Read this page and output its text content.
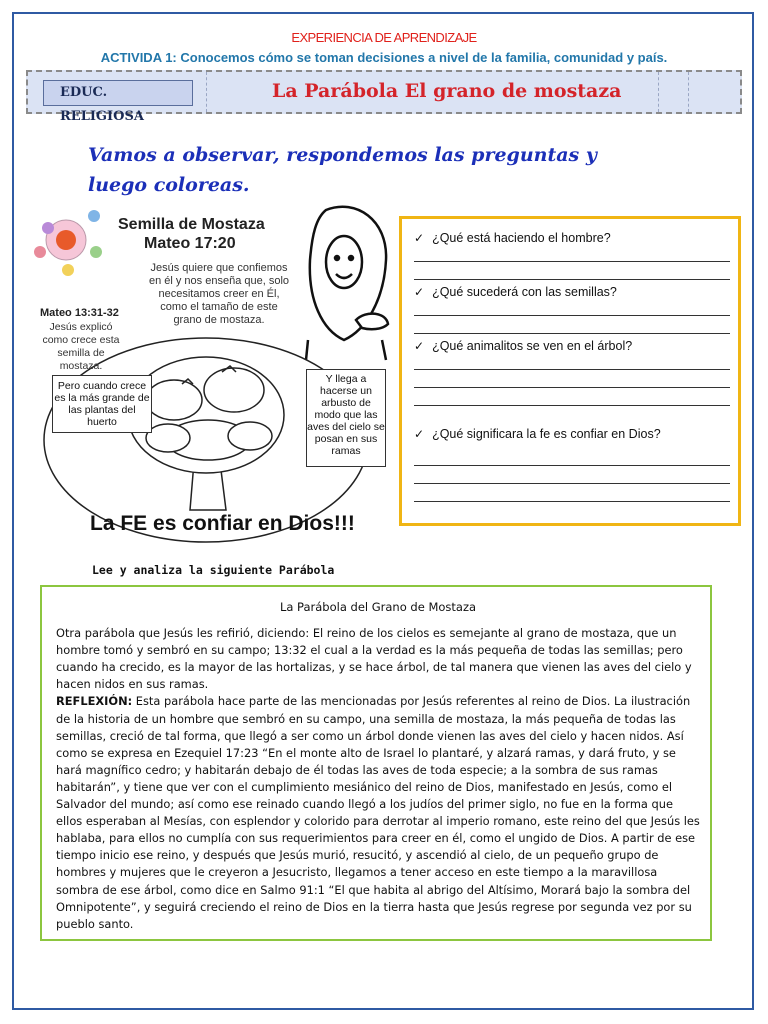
EXPERIENCIA DE APRENDIZAJE
ACTIVIDA 1: Conocemos cómo se toman decisiones a nivel de la familia, comunidad y país.
EDUC. RELIGIOSA
La Parábola El grano de mostaza
Vamos a observar, respondemos las preguntas y luego coloreas.
Semilla de Mostaza
Mateo 17:20
Jesús quiere que confiemos en él y nos enseña que, solo necesitamos creer en Él, como el tamaño de este grano de mostaza.
Mateo 13:31-32
Jesús explicó como crece esta semilla de mostaza.
Pero cuando crece es la más grande de las plantas del huerto
Y llega a hacerse un arbusto de modo que las aves del cielo se posan en sus ramas
La FE es confiar en Dios!!!
✓ ¿Qué está haciendo el hombre?
✓ ¿Qué sucederá con las semillas?
✓ ¿Qué animalitos se ven en el árbol?
✓ ¿Qué significara la fe es confiar en Dios?
Lee y analiza la siguiente Parábola
La Parábola del Grano de Mostaza

Otra parábola que Jesús les refirió, diciendo: El reino de los cielos es semejante al grano de mostaza, que un hombre tomó y sembró en su campo; 13:32 el cual a la verdad es la más pequeña de todas las semillas; pero cuando ha crecido, es la mayor de las hortalizas, y se hace árbol, de tal manera que vienen las aves del cielo y hacen nidos en sus ramas.

REFLEXIÓN: Esta parábola hace parte de las mencionadas por Jesús referentes al reino de Dios. La ilustración de la historia de un hombre que sembró en su campo, una semilla de mostaza, la más pequeña de todas las semillas, creció de tal forma, que llegó a ser como un árbol donde vienen las aves del cielo y hacen nidos. Así como se expresa en Ezequiel 17:23 “En el monte alto de Israel lo plantaré, y alzará ramas, y dará fruto, y se hará magnífico cedro; y habitarán debajo de él todas las aves de toda especie; a la sombra de sus ramas habitarán”, y tiene que ver con el cumplimiento mesiánico del reino de Dios, manifestado en Jesús, como el Salvador del mundo; así como ese reinado cuando llegó a los judíos del primer siglo, no fue en la forma que ellos esperaban al Mesías, con esplendor y colorido para derrotar al imperio romano, este reino del que Jesús les hablaba, para ellos no cumplía con sus requerimientos para creer en él, como el ungido de Dios. A partir de ese tiempo inicio ese reino, y después que Jesús murió, resucitó, y ascendió al cielo, de un pequeño grupo de hombres y mujeres que le creyeron a Jesucristo, llegamos a tener acceso en este tiempo a la maravillosa sombra de ese árbol, como dice en Salmo 91:1 “El que habita al abrigo del Altísimo, Morará bajo la sombra del Omnipotente”, y seguirá creciendo el reino de Dios en la tierra hasta que Jesús regrese por segunda vez por su pueblo santo.
